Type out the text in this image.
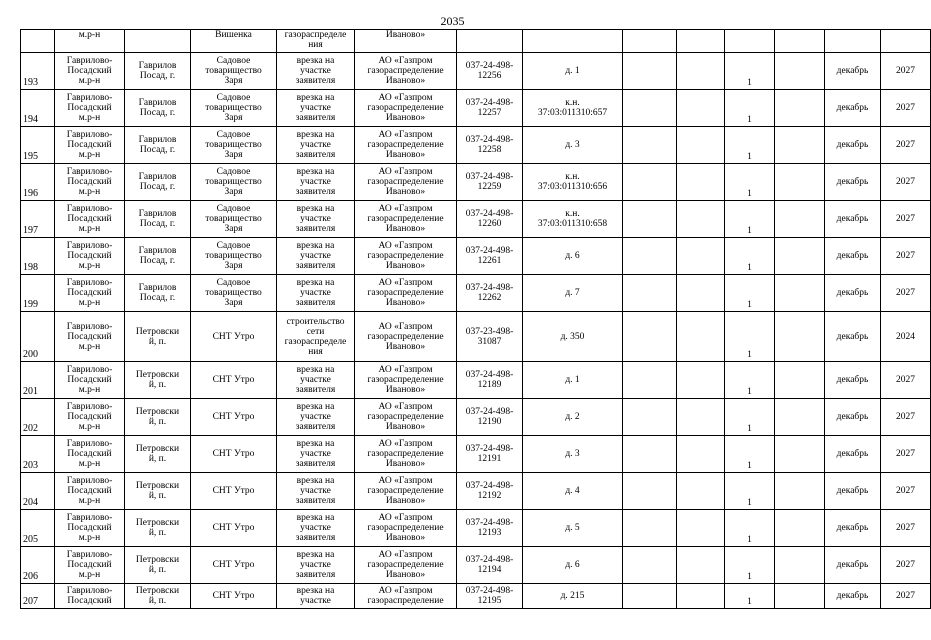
2035

	м.р-н		Вишенка	газораспределе
ния	Иваново»								

193	Гаврилово-
Посадский
м.р-н	Гаврилов
Посад, г.	Садовое
товарищество
Заря	врезка на
участке
заявителя	АО «Газпром
газораспределение
Иваново»	037-24-498-
12256	д. 1			1		декабрь	2027

194	Гаврилово-
Посадский
м.р-н	Гаврилов
Посад, г.	Садовое
товарищество
Заря	врезка на
участке
заявителя	АО «Газпром
газораспределение
Иваново»	037-24-498-
12257	к.н.
37:03:011310:657			1		декабрь	2027

195	Гаврилово-
Посадский
м.р-н	Гаврилов
Посад, г.	Садовое
товарищество
Заря	врезка на
участке
заявителя	АО «Газпром
газораспределение
Иваново»	037-24-498-
12258	д. 3			1		декабрь	2027

196	Гаврилово-
Посадский
м.р-н	Гаврилов
Посад, г.	Садовое
товарищество
Заря	врезка на
участке
заявителя	АО «Газпром
газораспределение
Иваново»	037-24-498-
12259	к.н.
37:03:011310:656			1		декабрь	2027

197	Гаврилово-
Посадский
м.р-н	Гаврилов
Посад, г.	Садовое
товарищество
Заря	врезка на
участке
заявителя	АО «Газпром
газораспределение
Иваново»	037-24-498-
12260	к.н.
37:03:011310:658			1		декабрь	2027

198	Гаврилово-
Посадский
м.р-н	Гаврилов
Посад, г.	Садовое
товарищество
Заря	врезка на
участке
заявителя	АО «Газпром
газораспределение
Иваново»	037-24-498-
12261	д. 6			1		декабрь	2027

199	Гаврилово-
Посадский
м.р-н	Гаврилов
Посад, г.	Садовое
товарищество
Заря	врезка на
участке
заявителя	АО «Газпром
газораспределение
Иваново»	037-24-498-
12262	д. 7			1		декабрь	2027

200	Гаврилово-
Посадский
м.р-н	Петровски
й, п.	СНТ Утро	строительство
сети
газораспределе
ния	АО «Газпром
газораспределение
Иваново»	037-23-498-
31087	д. 350			1		декабрь	2024

201	Гаврилово-
Посадский
м.р-н	Петровски
й, п.	СНТ Утро	врезка на
участке
заявителя	АО «Газпром
газораспределение
Иваново»	037-24-498-
12189	д. 1			1		декабрь	2027

202	Гаврилово-
Посадский
м.р-н	Петровски
й, п.	СНТ Утро	врезка на
участке
заявителя	АО «Газпром
газораспределение
Иваново»	037-24-498-
12190	д. 2			1		декабрь	2027

203	Гаврилово-
Посадский
м.р-н	Петровски
й, п.	СНТ Утро	врезка на
участке
заявителя	АО «Газпром
газораспределение
Иваново»	037-24-498-
12191	д. 3			1		декабрь	2027

204	Гаврилово-
Посадский
м.р-н	Петровски
й, п.	СНТ Утро	врезка на
участке
заявителя	АО «Газпром
газораспределение
Иваново»	037-24-498-
12192	д. 4			1		декабрь	2027

205	Гаврилово-
Посадский
м.р-н	Петровски
й, п.	СНТ Утро	врезка на
участке
заявителя	АО «Газпром
газораспределение
Иваново»	037-24-498-
12193	д. 5			1		декабрь	2027

206	Гаврилово-
Посадский
м.р-н	Петровски
й, п.	СНТ Утро	врезка на
участке
заявителя	АО «Газпром
газораспределение
Иваново»	037-24-498-
12194	д. 6			1		декабрь	2027

207	Гаврилово-
Посадский	Петровски
й, п.	СНТ Утро	врезка на
участке	АО «Газпром
газораспределение	037-24-498-
12195	д. 215			1		декабрь	2027
